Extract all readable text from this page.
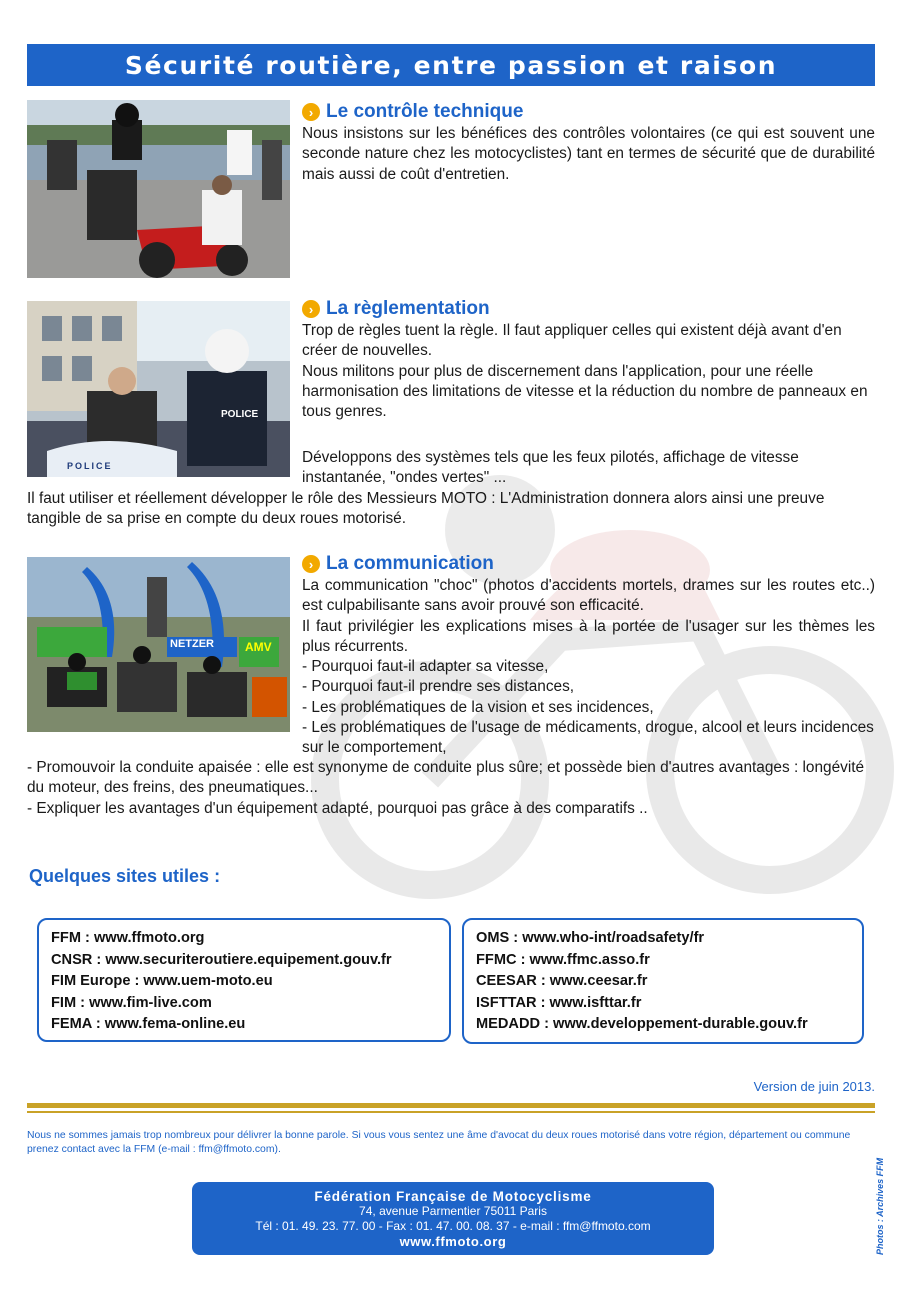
Sécurité routière, entre passion et raison
› Le contrôle technique

Nous insistons sur les bénéfices des contrôles volontaires (ce qui est souvent une seconde nature chez les motocyclistes) tant en termes de sécurité que de durabilité mais aussi de coût d'entretien.

POLICE
POLICE
› La règlementation

Trop de règles tuent la règle. Il faut appliquer celles qui existent déjà avant d'en créer de nouvelles.

Nous militons pour plus de discernement dans l'application, pour une réelle harmonisation des limitations de vitesse et la réduction du nombre de panneaux en tous genres.

Développons des systèmes tels que les feux pilotés, affichage de vitesse instantanée, "ondes vertes" ...

Il faut utiliser et réellement développer le rôle des Messieurs MOTO : L'Administration donnera alors ainsi une preuve tangible de sa prise en compte du deux roues motorisé.

NETZER	AMV
› La communication

La communication "choc" (photos d'accidents mortels, drames sur les routes etc..) est culpabilisante sans avoir prouvé son efficacité.

Il faut privilégier les explications mises à la portée de l'usager sur les thèmes les plus récurrents.

- Pourquoi faut-il adapter sa vitesse,

- Pourquoi faut-il prendre ses distances,

- Les problématiques de la vision et ses incidences,

- Les problématiques de l'usage de médicaments, drogue, alcool et leurs incidences sur le comportement,

- Promouvoir la conduite apaisée : elle est synonyme de conduite plus sûre; et possède bien d'autres avantages : longévité du moteur, des freins, des pneumatiques...

- Expliquer les avantages d'un équipement adapté, pourquoi pas grâce à des comparatifs ..

Quelques sites utiles :
FFM : www.ffmoto.org
CNSR : www.securiteroutiere.equipement.gouv.fr
FIM Europe : www.uem-moto.eu
FIM : www.fim-live.com
FEMA : www.fema-online.eu
OMS : www.who-int/roadsafety/fr
FFMC : www.ffmc.asso.fr
CEESAR : www.ceesar.fr
ISFTTAR : www.isfttar.fr
MEDADD : www.developpement-durable.gouv.fr
Version de juin 2013.
Nous ne sommes jamais trop nombreux pour délivrer la bonne parole. Si vous vous sentez une âme d'avocat du deux roues motorisé dans votre région, département ou commune prenez contact avec la FFM (e-mail : ffm@ffmoto.com).
Fédération Française de Motocyclisme
74, avenue Parmentier 75011 Paris
Tél : 01. 49. 23. 77. 00 - Fax : 01. 47. 00. 08. 37 - e-mail : ffm@ffmoto.com
www.ffmoto.org	Photos : Archives FFM
